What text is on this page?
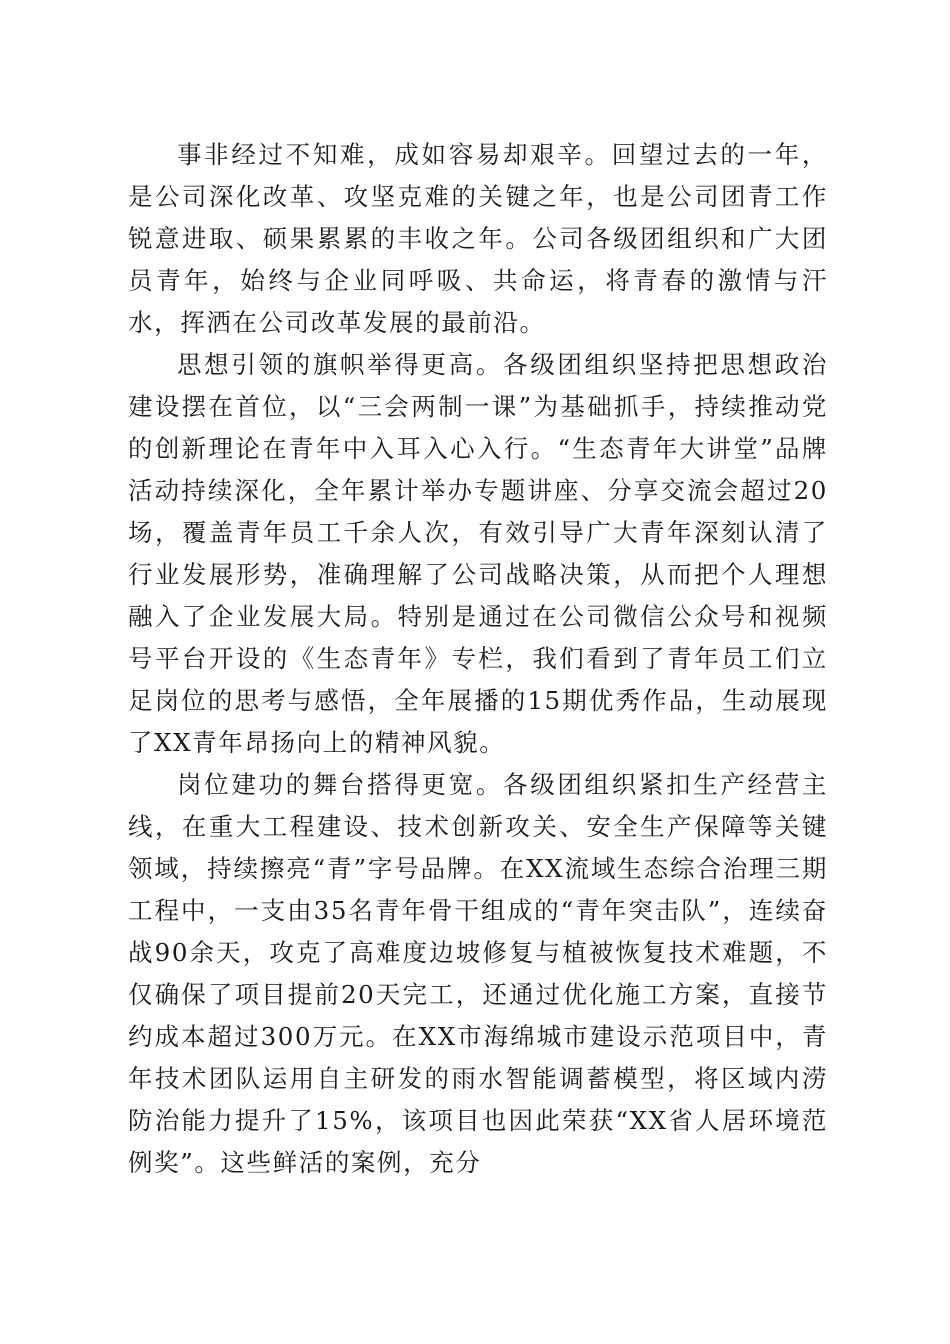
事非经过不知难，成如容易却艰辛。回望过去的一年，是公司深化改革、攻坚克难的关键之年，也是公司团青工作锐意进取、硕果累累的丰收之年。公司各级团组织和广大团员青年，始终与企业同呼吸、共命运，将青春的激情与汗水，挥洒在公司改革发展的最前沿。

思想引领的旗帜举得更高。各级团组织坚持把思想政治建设摆在首位，以“三会两制一课”为基础抓手，持续推动党的创新理论在青年中入耳入心入行。“生态青年大讲堂”品牌活动持续深化，全年累计举办专题讲座、分享交流会超过20场，覆盖青年员工千余人次，有效引导广大青年深刻认清了行业发展形势，准确理解了公司战略决策，从而把个人理想融入了企业发展大局。特别是通过在公司微信公众号和视频号平台开设的《生态青年》专栏，我们看到了青年员工们立足岗位的思考与感悟，全年展播的15期优秀作品，生动展现了XX青年昂扬向上的精神风貌。

岗位建功的舞台搭得更宽。各级团组织紧扣生产经营主线，在重大工程建设、技术创新攻关、安全生产保障等关键领域，持续擦亮“青”字号品牌。在XX流域生态综合治理三期工程中，一支由35名青年骨干组成的“青年突击队”，连续奋战90余天，攻克了高难度边坡修复与植被恢复技术难题，不仅确保了项目提前20天完工，还通过优化施工方案，直接节约成本超过300万元。在XX市海绵城市建设示范项目中，青年技术团队运用自主研发的雨水智能调蓄模型，将区域内涝防治能力提升了15%，该项目也因此荣获“XX省人居环境范例奖”。这些鲜活的案例，充分
